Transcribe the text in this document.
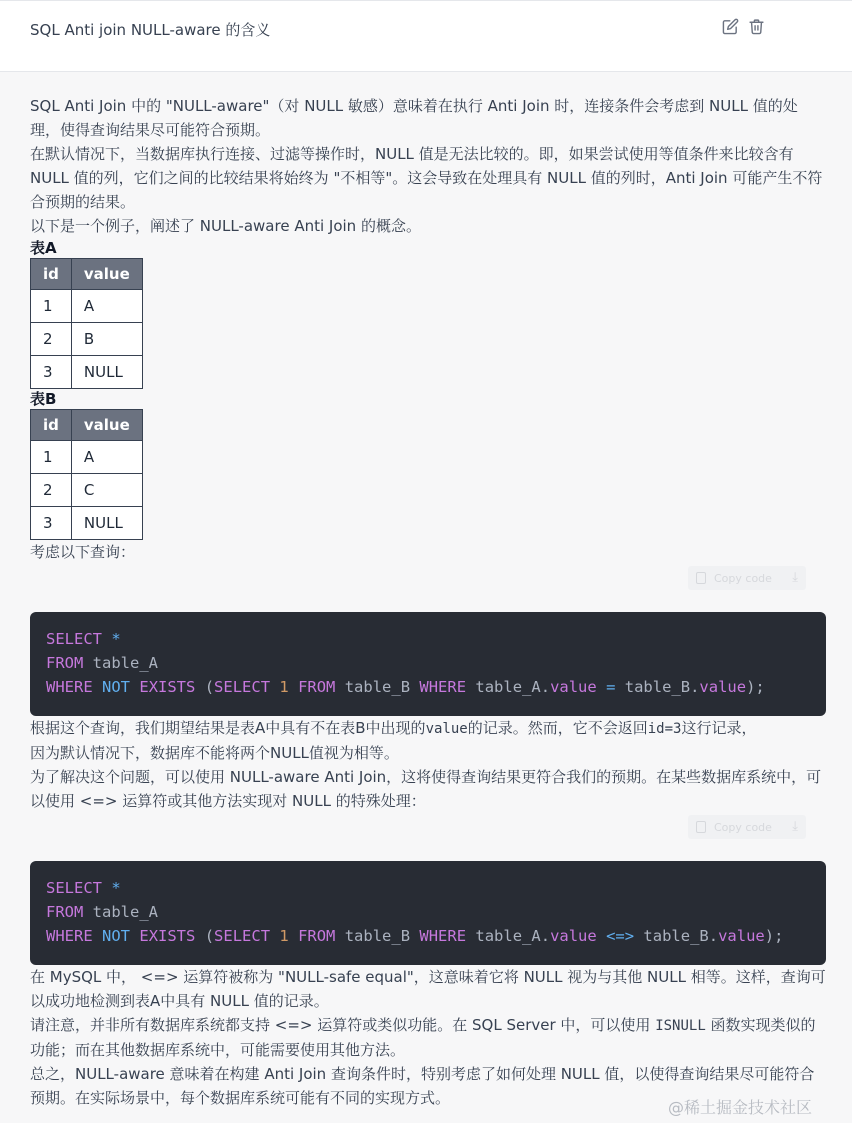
SQL Anti join NULL-aware 的含义

SQL Anti Join 中的 "NULL-aware"（对 NULL 敏感）意味着在执行 Anti Join 时，连接条件会考虑到 NULL 值的处理，使得查询结果尽可能符合预期。

在默认情况下，当数据库执行连接、过滤等操作时，NULL 值是无法比较的。即，如果尝试使用等值条件来比较含有 NULL 值的列，它们之间的比较结果将始终为 "不相等"。这会导致在处理具有 NULL 值的列时，Anti Join 可能产生不符合预期的结果。

以下是一个例子，阐述了 NULL-aware Anti Join 的概念。

表A

id	value
1	A
2	B
3	NULL

表B

id	value
1	A
2	C
3	NULL

考虑以下查询：

Copy code ⤓
SELECT *
FROM table_A
WHERE NOT EXISTS (SELECT 1 FROM table_B WHERE table_A.value = table_B.value);

根据这个查询，我们期望结果是表A中具有不在表B中出现的value的记录。然而，它不会返回id=3这行记录，

因为默认情况下，数据库不能将两个NULL值视为相等。

为了解决这个问题，可以使用 NULL-aware Anti Join，这将使得查询结果更符合我们的预期。在某些数据库系统中，可以使用 <=> 运算符或其他方法实现对 NULL 的特殊处理：

Copy code ⤓
SELECT *
FROM table_A
WHERE NOT EXISTS (SELECT 1 FROM table_B WHERE table_A.value <=> table_B.value);

在 MySQL 中， <=> 运算符被称为 "NULL-safe equal"，这意味着它将 NULL 视为与其他 NULL 相等。这样，查询可以成功地检测到表A中具有 NULL 值的记录。

请注意，并非所有数据库系统都支持 <=> 运算符或类似功能。在 SQL Server 中，可以使用 ISNULL 函数实现类似的功能；而在其他数据库系统中，可能需要使用其他方法。

总之，NULL-aware 意味着在构建 Anti Join 查询条件时，特别考虑了如何处理 NULL 值，以使得查询结果尽可能符合预期。在实际场景中，每个数据库系统可能有不同的实现方式。	@稀土掘金技术社区
